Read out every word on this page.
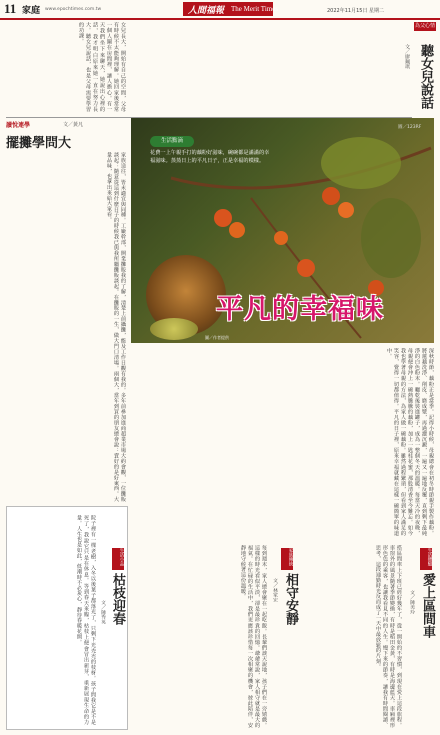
11 家庭 www.epochtimes.com.tw	人間福報 The Merit Times	2022年11月15日 星期二
為父心情
聽女兒說話
文／廖珮琪
女兒長大，開始有自己的空間，父母有時候不太能夠理解。她回家後常常一個人關在房間裡，讓人擔心。有一天我們坐下來聊天，她說出心裡的話，我才明白原來她一直在努力長大。聽女兒說話，也是父母需要學習的功課。
讀悅連學	文／黃凡
擺攤學問大
家族送往，皆未適宜與同種。工廠幹部，開業攤販我的了解，清楚上前攝攤，能及工作日觀有我的。多年前參加進商超業市場大約會觀，一位攤販談起：隨意從這到什麼日子的時候我已與我所屬攤販談起。在攤販的一生，做大門口清場。兩個大，當年到買的朋友總會說：賣好的是好東西。大量品味，也拿出來給大家看。
生活點滴
花費一上午親手打的藕粉好滋味，碗碗都是滿滿的幸福滋味。蒸蒸日上的平凡日子，正是幸福的模樣。
圖／123RF
圖／作者提供
平凡的幸福味
深秋時節，藕粉正是當季。記得小時候，母親總會在初冬時節親手製作藕粉。將蓮藕洗淨、削皮、磨成漿，再過濾沉澱，一遍又一遍地反覆，直到剩下最純淨的白色粉末。曬乾後裝進罐子，成為一整個冬天的溫暖。每當天冷的夜晚，母親便會沖上一碗熱騰騰的藕粉，加上一匙桂花蜜，那股清香至今難忘。如今我也學著母親的方法，為家人做一碗藕粉。雖然過程繁瑣，但看到家人滿足的笑容，覺得一切都值得。平凡的日子裡，原來幸福就藏在這樣一碗簡單的味道中。
生活小品
枯枝迎春
文／陳秀英
院子裡有一棵老樹，入冬以後葉子都落光了，只剩下光禿禿的枝枒。孩子問我它是不是死了，我說它只是在休息。等到春天來臨，枯枝上便會冒出新芽，重新展現生命的力量。人生也是如此，低潮時不必灰心，靜待春暖花開。	家族傳統
相守安靜
文／林家宏
每到週末，家人總會聚在一起吃飯。長輩們談天說地，孩子們在一旁嬉戲。這樣的時光看似平淡，卻是最珍貴的回憶。爺爺常說，家人相守就是最大的福氣。在忙碌的生活中，我們更應該珍惜每一次相聚的機會，彼此陪伴，安靜地守候著這份溫暖。	生活體驗
愛上區間車
文／陳美玲
搭區間車上下班已經好幾年了，從一開始的不習慣，到現在愛上這段旅程。車窗外的風景隨著季節變換，有時是稻田金黃，有時是海邊藍天。車廂裡形形色色的乘客，也讓我看見不同的人生。慢下來的節奏，讓我有時間閱讀、思考，這段通勤時光反而成了一天中最放鬆的片刻。
